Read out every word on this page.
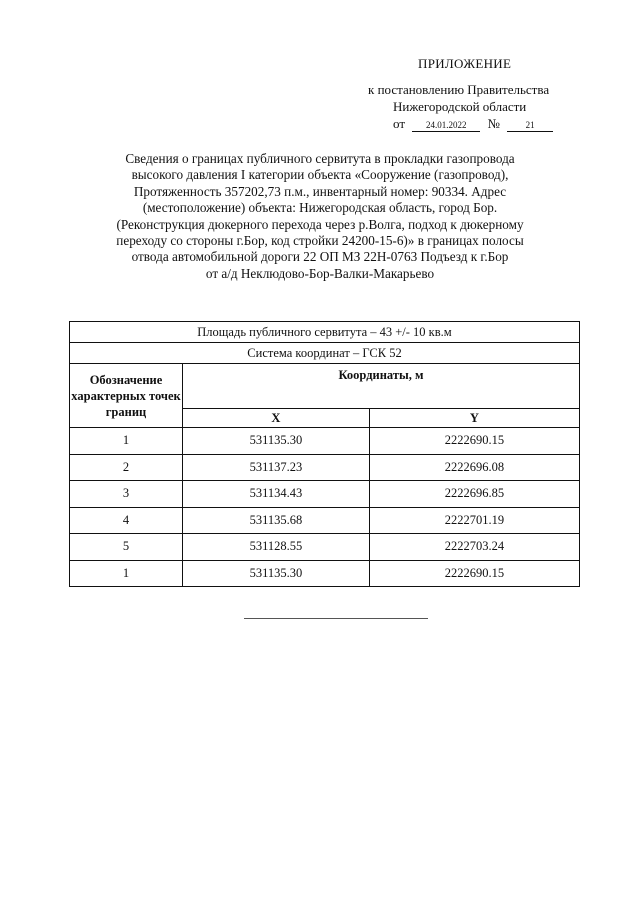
ПРИЛОЖЕНИЕ
к постановлению Правительства
Нижегородской области
от 24.01.2022 №	21
Сведения о границах публичного сервитута в прокладки газопровода
высокого давления I категории объекта «Сооружение (газопровод),
Протяженность 357202,73 п.м., инвентарный номер: 90334. Адрес
(местоположение) объекта: Нижегородская область, город Бор.
(Реконструкция дюкерного перехода через р.Волга, подход к дюкерному
переходу со стороны г.Бор, код стройки 24200-15-6)» в границах полосы
отвода автомобильной дороги 22 ОП МЗ 22Н-0763 Подъезд к г.Бор
от а/д Неклюдово-Бор-Валки-Макарьево
Площадь публичного сервитута – 43 +/- 10 кв.м		
Система координат – ГСК 52		
Обозначение характерных точек границ	Координаты, м	
	X	Y
1	531135.30	2222690.15
2	531137.23	2222696.08
3	531134.43	2222696.85
4	531135.68	2222701.19
5	531128.55	2222703.24
1	531135.30	2222690.15
